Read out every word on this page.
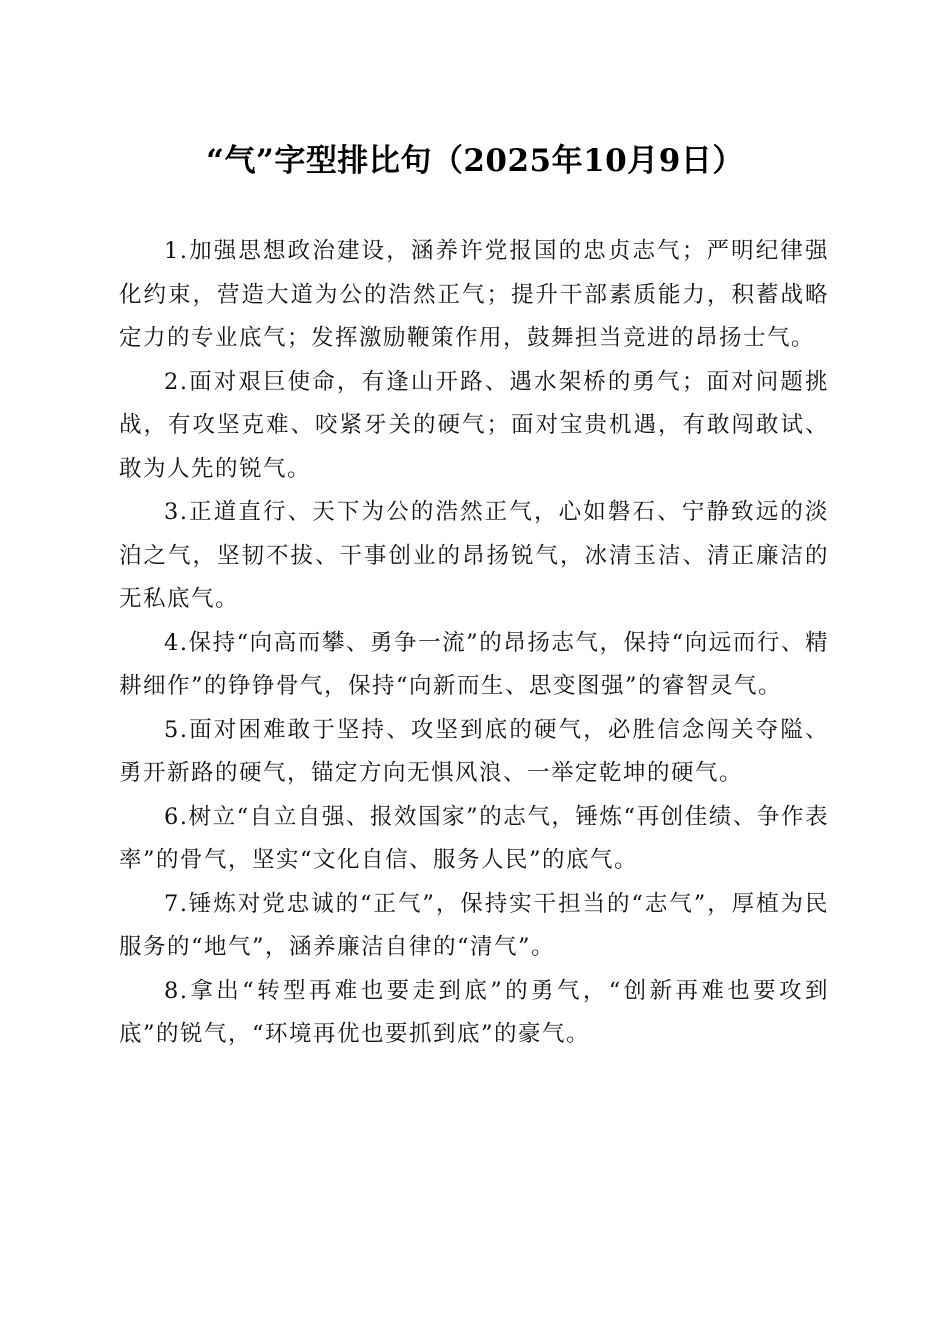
“气”字型排比句（2025年10月9日）

1.加强思想政治建设，涵养许党报国的忠贞志气；严明纪律强化约束，营造大道为公的浩然正气；提升干部素质能力，积蓄战略定力的专业底气；发挥激励鞭策作用，鼓舞担当竞进的昂扬士气。

2.面对艰巨使命，有逢山开路、遇水架桥的勇气；面对问题挑战，有攻坚克难、咬紧牙关的硬气；面对宝贵机遇，有敢闯敢试、敢为人先的锐气。

3.正道直行、天下为公的浩然正气，心如磐石、宁静致远的淡泊之气，坚韧不拔、干事创业的昂扬锐气，冰清玉洁、清正廉洁的无私底气。

4.保持“向高而攀、勇争一流”的昂扬志气，保持“向远而行、精耕细作”的铮铮骨气，保持“向新而生、思变图强”的睿智灵气。

5.面对困难敢于坚持、攻坚到底的硬气，必胜信念闯关夺隘、勇开新路的硬气，锚定方向无惧风浪、一举定乾坤的硬气。

6.树立“自立自强、报效国家”的志气，锤炼“再创佳绩、争作表率”的骨气，坚实“文化自信、服务人民”的底气。

7.锤炼对党忠诚的“正气”，保持实干担当的“志气”，厚植为民服务的“地气”，涵养廉洁自律的“清气”。

8.拿出“转型再难也要走到底”的勇气，“创新再难也要攻到底”的锐气，“环境再优也要抓到底”的豪气。
